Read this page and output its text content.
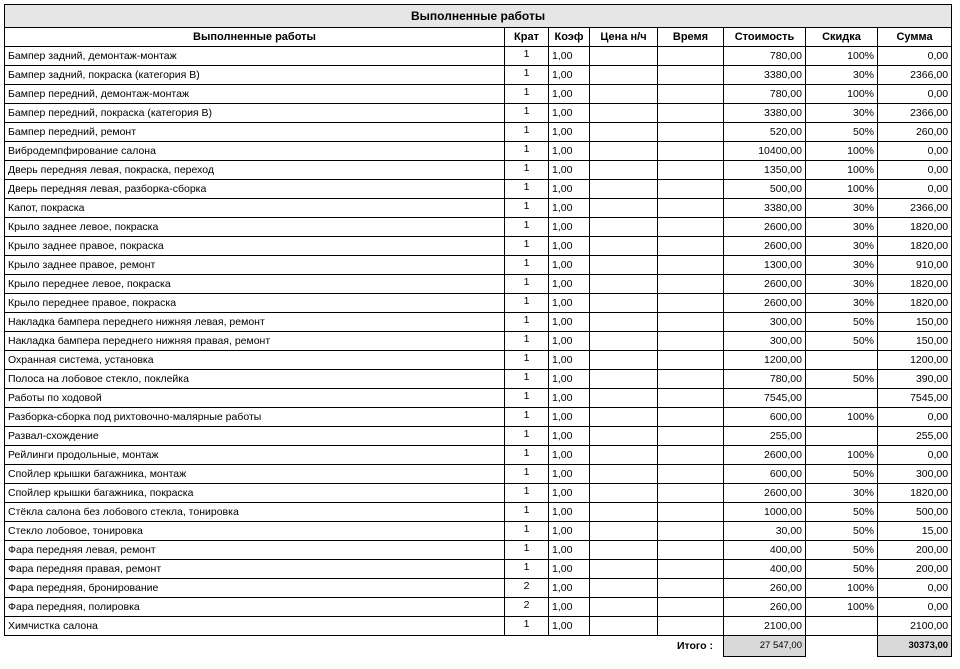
Выполненные работы							
Выполненные работы	Крат	Коэф	Цена н/ч	Время	Стоимость	Скидка	Сумма
Бампер задний, демонтаж-монтаж	1	1,00			780,00	100%	0,00
Бампер задний, покраска (категория В)	1	1,00			3380,00	30%	2366,00
Бампер передний, демонтаж-монтаж	1	1,00			780,00	100%	0,00
Бампер передний, покраска (категория В)	1	1,00			3380,00	30%	2366,00
Бампер передний, ремонт	1	1,00			520,00	50%	260,00
Вибродемпфирование салона	1	1,00			10400,00	100%	0,00
Дверь передняя левая, покраска, переход	1	1,00			1350,00	100%	0,00
Дверь передняя левая, разборка-сборка	1	1,00			500,00	100%	0,00
Капот, покраска	1	1,00			3380,00	30%	2366,00
Крыло заднее левое, покраска	1	1,00			2600,00	30%	1820,00
Крыло заднее правое, покраска	1	1,00			2600,00	30%	1820,00
Крыло заднее правое, ремонт	1	1,00			1300,00	30%	910,00
Крыло переднее левое, покраска	1	1,00			2600,00	30%	1820,00
Крыло переднее правое, покраска	1	1,00			2600,00	30%	1820,00
Накладка бампера переднего нижняя левая, ремонт	1	1,00			300,00	50%	150,00
Накладка бампера переднего нижняя правая, ремонт	1	1,00			300,00	50%	150,00
Охранная система, установка	1	1,00			1200,00		1200,00
Полоса на лобовое стекло, поклейка	1	1,00			780,00	50%	390,00
Работы по ходовой	1	1,00			7545,00		7545,00
Разборка-сборка под рихтовочно-малярные работы	1	1,00			600,00	100%	0,00
Развал-схождение	1	1,00			255,00		255,00
Рейлинги продольные, монтаж	1	1,00			2600,00	100%	0,00
Спойлер крышки багажника, монтаж	1	1,00			600,00	50%	300,00
Спойлер крышки багажника, покраска	1	1,00			2600,00	30%	1820,00
Стёкла салона без лобового стекла, тонировка	1	1,00			1000,00	50%	500,00
Стекло лобовое, тонировка	1	1,00			30,00	50%	15,00
Фара передняя левая, ремонт	1	1,00			400,00	50%	200,00
Фара передняя правая, ремонт	1	1,00			400,00	50%	200,00
Фара передняя, бронирование	2	1,00			260,00	100%	0,00
Фара передняя, полировка	2	1,00			260,00	100%	0,00
Химчистка салона	1	1,00			2100,00		2100,00
Итого :					27 547,00		30373,00
